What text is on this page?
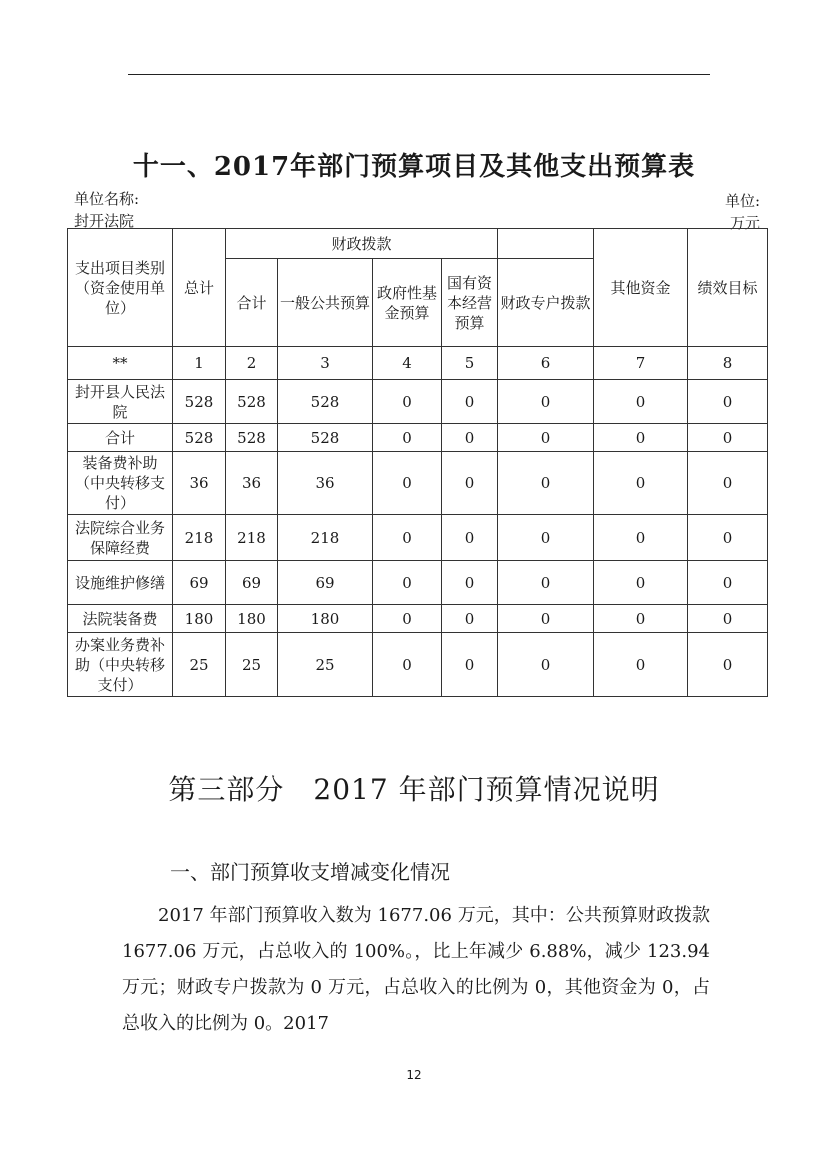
十一、2017年部门预算项目及其他支出预算表
单位名称:
封开法院
单位:
万元
支出项目类别（资金使用单位）	总计	财政拨款					其他资金	绩效目标
		合计	一般公共预算	政府性基金预算	国有资本经营预算	财政专户拨款		
**	1	2	3	4	5	6	7	8
封开县人民法院	528	528	528	0	0	0	0	0
合计	528	528	528	0	0	0	0	0
装备费补助（中央转移支付）	36	36	36	0	0	0	0	0
法院综合业务保障经费	218	218	218	0	0	0	0	0
设施维护修缮	69	69	69	0	0	0	0	0
法院装备费	180	180	180	0	0	0	0	0
办案业务费补助（中央转移支付）	25	25	25	0	0	0	0	0
第三部分　2017 年部门预算情况说明
一、部门预算收支增减变化情况
2017 年部门预算收入数为 1677.06 万元，其中：公共预算财政拨款 1677.06 万元，占总收入的 100%。，比上年减少 6.88%，减少 123.94 万元；财政专户拨款为 0 万元，占总收入的比例为 0，其他资金为 0，占总收入的比例为 0。2017
12
